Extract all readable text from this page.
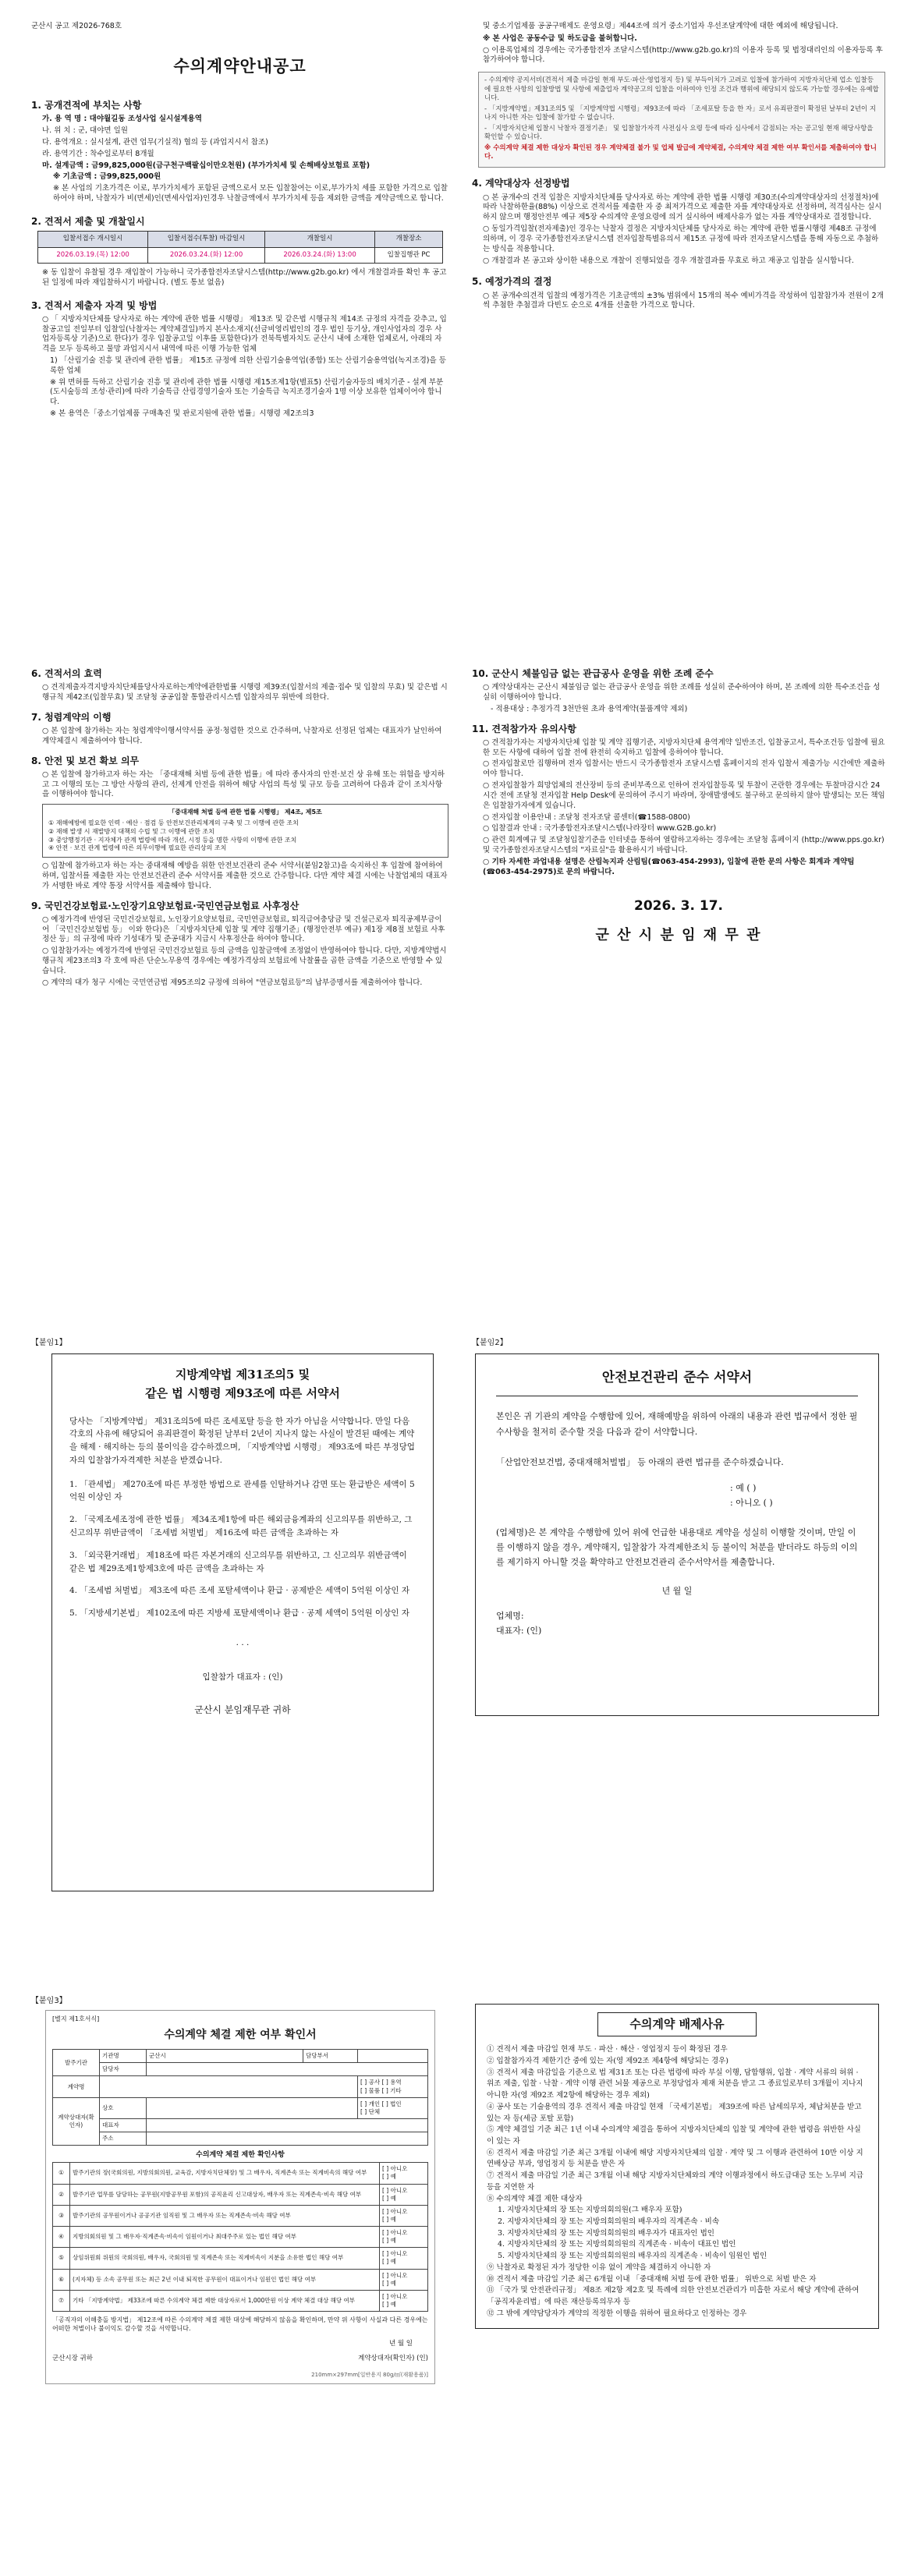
군산시 공고 제2026-768호
수의계약안내공고
1. 공개견적에 부치는 사항
가. 용 역 명 : 대야월길동 조성사업 실시설계용역
나. 위 치 : 군, 대야면 일원
다. 용역개요 : 실시설계, 관련 업무(기실적) 협의 등 (과업지시서 참조)
라. 용역기간 : 착수일로부터 8개월
마. 설계금액 : 금99,825,000원(금구천구백팔십이만오천원) (부가가치세 및 손해배상보험료 포함)
※ 기초금액 : 금99,825,000원
※ 본 사업의 기초가격은 이로, 부가가치세가 포함된 금액으로서 모든 입찰참여는 이로,부가가치 세를 포함한 가격으로 입찰하여야 하며, 낙찰자가 비(면세)인(면세사업자)인경우 낙찰금액에서 부가가치세 등을 제외한 금액을 계약금액으로 합니다.
2. 견적서 제출 및 개찰일시
입찰서접수 개시일시	입찰서접수(투찰) 마감일시	개찰일시	개찰장소
2026.03.19.(목) 12:00	2026.03.24.(화) 12:00	2026.03.24.(화) 13:00	입찰집행관 PC
※ 동 입찰이 유찰될 경우 재입찰이 가능하니 국가종합전자조달시스템(http://www.g2b.go.kr) 에서 개찰결과를 확인 후 공고된 일정에 따라 재입찰하시기 바랍니다. (별도 통보 없음)
3. 견적서 제출자 자격 및 방법
○ 「 지방자치단체를 당사자로 하는 계약에 관한 법률 시행령」 제13조 및 같은법 시행규칙 제14조 규정의 자격을 갖추고, 입찰공고일 전일부터 입찰일(낙찰자는 계약체결일)까지 본사소재지(선금비영리법인의 경우 법인 등기상, 개인사업자의 경우 사업자등록상 기준)으로 한다)가 경우 입찰공고일 이후를 포함한다)가 전북특별자치도 군산시 내에 소재한 업체로서, 아래의 자격을 모두 등록하고 물망 과업지시서 내역에 따른 이행 가능한 업체
1) 「산림기술 진흥 및 관리에 관한 법률」 제15조 규정에 의한 산림기술용역업(종합) 또는 산림기술용역업(녹지조경)을 등록한 업체
※ 위 면허를 득하고 산림기술 진흥 및 관리에 관한 법률 시행령 제15조제1항(별표5) 산림기술자등의 배치기준 - 설계 부분(도시숲등의 조성·관리)에 따라 기술특급 산림경영기술자 또는 기술특급 녹지조경기술자 1명 이상 보유한 업체이어야 합니다.
※ 본 용역은「중소기업제품 구매촉진 및 판로지원에 관한 법률」시행령 제2조의3
및 중소기업제품 공공구매제도 운영요령」제44조에 의거 중소기업자 우선조달계약에 대한 예외에 해당됩니다.
※ 본 사업은 공동수급 및 하도급을 불허합니다.
○ 이용록업체의 경우에는 국가종합전자 조달시스템(http://www.g2b.go.kr)의 이용자 등록 및 법정대리인의 이용자등록 후 참가하여야 합니다.
- 수의계약 공지서비(견적서 제출 마감일 현재 부도·파산·영업정지 등) 및 부득이치가 고려로 입찰에 참가하여 지방자치단체 업소 입찰등에 필요한 사항의 입찰방법 및 사항에 제출업자 계약공고의 입찰을 이하여야 인정 조건과 행위에 해당되지 않도록 가능할 경우에는 유예합니다.
- 「지방계약법」제31조의5 및 「지방계약법 시행령」제93조에 따라 「조세포탈 등을 한 자」로서 유죄판결이 확정된 날부터 2년이 지나지 아니한 자는 입찰에 참가할 수 없습니다.
- 「지방자치단체 입찰시 낙찰자 결정기준」 및 입찰참가자격 사전심사 요령 등에 따라 심사에서 감점되는 자는 공고일 현재 해당사항을 확인할 수 있습니다.
※ 수의계약 체결 제한 대상자 확인된 경우 계약체결 불가 및 업체 발급에 계약체결, 수의계약 체결 제한 여부 확인서를 제출하여야 합니다.
4. 계약대상자 선정방법
○ 본 공개수의 견적 입찰은 지방자치단체를 당사자로 하는 계약에 관한 법률 시행령 제30조(수의계약대상자의 선정절차)에 따라 낙찰하한율(88%) 이상으로 견적서를 제출한 자 중 최저가격으로 제출한 자를 계약대상자로 선정하며, 적격심사는 실시하지 않으며 행정안전부 예규 제5장 수의계약 운영요령에 의거 실시하여 배제사유가 없는 자를 계약상대자로 결정합니다.
○ 동일가격입찰(전자제출)인 경우는 낙찰자 결정은 지방자치단체를 당사자로 하는 계약에 관한 법률시행령 제48조 규정에 의하며, 이 경우 국가종합전자조달시스템 전자입찰특별유의서 제15조 규정에 따라 전자조달시스템을 통해 자동으로 추첨하는 방식을 적용합니다.
○ 개찰결과 본 공고와 상이한 내용으로 개찰이 진행되었을 경우 개찰결과를 무효로 하고 재공고 입찰을 실시합니다.
5. 예정가격의 결정
○ 본 공개수의견적 입찰의 예정가격은 기초금액의 ±3% 범위에서 15개의 복수 예비가격을 작성하여 입찰참가자 전원이 2개씩 추첨한 추첨결과 다빈도 순으로 4개를 선출한 가격으로 합니다.
6. 견적서의 효력
○ 견적제출자격지방자치단체를당사자로하는계약에관한법률 시행령 제39조(입찰서의 제출·접수 및 입찰의 무효) 및 같은법 시행규칙 제42조(입찰무효) 및 조달청 공공입찰 통합관리시스템 입찰자의무 위반에 의한다.
7. 청렴계약의 이행
○ 본 입찰에 참가하는 자는 청렴계약이행서약서를 공정·청렴한 것으로 간주하며, 낙찰자로 선정된 업체는 대표자가 날인하여 계약체결시 제출하여야 합니다.
8. 안전 및 보건 확보 의무
○ 본 입찰에 참가하고자 하는 자는 「중대재해 처벌 등에 관한 법률」에 따라 종사자의 안전·보건 상 유해 또는 위험을 방지하고 그 이행의 또는 그 방안 사항의 관리, 선제계 안전을 위하여 해당 사업의 특성 및 규모 등을 고려하여 다음과 같이 조치사항을 이행하여야 합니다.
「중대재해 처벌 등에 관한 법률 시행령」 제4조, 제5조
① 재해예방에 필요한 인력 · 예산 · 점검 등 안전보건관리체계의 구축 및 그 이행에 관한 조치
② 재해 발생 시 재발방지 대책의 수립 및 그 이행에 관한 조치
③ 중앙행정기관 · 지자체가 관계 법령에 따라 개선, 시정 등을 명한 사항의 이행에 관한 조치
④ 안전 · 보건 관계 법령에 따른 의무이행에 필요한 관리상의 조치
○ 입찰에 참가하고자 하는 자는 중대재해 예방을 위한 안전보건관리 준수 서약서(붙임2참고)을 숙지하신 후 입찰에 참여하여 하며, 입찰서를 제출한 자는 안전보건관리 준수 서약서를 제출한 것으로 간주합니다. 다만 계약 체결 시에는 낙찰업체의 대표자가 서명한 바로 계약 통장 서약서를 제출해야 합니다.
9. 국민건강보험료·노인장기요양보험료·국민연금보험료 사후정산
○ 예정가격에 반영된 국민건강보험료, 노인장기요양보험료, 국민연금보험료, 퇴직급여충당금 및 건설근로자 퇴직공제부금이어 「국민건강보험법 등」 이와 한다)은 「지방자치단체 입찰 및 계약 집행기준」(행정안전부 예규) 제1장 제8절 보험료 사후정산 등」의 규정에 따라 기성대가 및 준공대가 지급시 사후정산을 하여야 합니다.
○ 입찰참가자는 예정가격에 반영된 국민건강보험료 등의 금액을 입찰금액에 조정없이 반영하여야 합니다. 다만, 지방계약법시행규칙 제23조의3 각 호에 따른 단순노무용역 경우에는 예정가격상의 보험료에 낙찰률을 곱한 금액을 기준으로 반영할 수 있습니다.
○ 계약의 대가 청구 시에는 국민연금법 제95조의2 규정에 의하여 "연금보험료등"의 납부증명서를 제출하여야 합니다.
10. 군산시 체불임금 없는 관급공사 운영을 위한 조례 준수
○ 계약상대자는 군산시 체불임금 없는 관급공사 운영을 위한 조례를 성실히 준수하여야 하며, 본 조례에 의한 특수조건을 성실히 이행하여야 합니다.
- 적용대상 : 추정가격 3천만원 초과 용역계약(물품계약 제외)
11. 견적참가자 유의사항
○ 견적참가자는 지방자치단체 입찰 및 계약 집행기준, 지방자치단체 용역계약 일반조건, 입찰공고서, 특수조건등 입찰에 필요한 모든 사항에 대하여 입찰 전에 완전히 숙지하고 입찰에 응하여야 합니다.
○ 전자입찰로만 집행하며 전자 입찰서는 반드시 국가종합전자 조달시스템 홈페이지의 전자 입찰서 제출가능 시간에만 제출하여야 합니다.
○ 전자입찰참가 희망업체의 전산장비 등의 준비부족으로 인하여 전자입찰등록 및 투찰이 곤란한 경우에는 투찰마감시간 24시간 전에 조달청 전자입찰 Help Desk에 문의하여 주시기 바라며, 장애발생에도 불구하고 문의하지 않아 발생되는 모든 책임은 입찰참가자에게 있습니다.
○ 전자입찰 이용안내 : 조달청 전자조달 콜센터(☎1588-0800)
○ 입찰결과 안내 : 국가종합전자조달시스템(나라장터 www.G2B.go.kr)
○ 관련 회계예규 및 조달청입찰기준을 인터넷을 통하여 열람하고자하는 경우에는 조달청 홈페이지 (http://www.pps.go.kr) 및 국가종합전자조달시스템의 "자료실"을 활용하시기 바랍니다.
○ 기타 자세한 과업내용 설명은 산림녹지과 산림팀(☎063-454-2993), 입찰에 관한 문의 사항은 회계과 계약팀(☎063-454-2975)로 문의 바랍니다.
2026. 3. 17.
군 산 시 분 임 재 무 관
【붙임1】
지방계약법 제31조의5 및
같은 법 시행령 제93조에 따른 서약서
당사는 「지방계약법」 제31조의5에 따른 조세포탈 등을 한 자가 아님을 서약합니다. 만일 다음 각호의 사유에 해당되어 유죄판결이 확정된 날부터 2년이 지나지 않는 사실이 발견된 때에는 계약을 해제 · 해지하는 등의 불이익을 감수하겠으며, 「지방계약법 시행령」 제93조에 따른 부정당업자의 입찰참가자격제한 처분을 받겠습니다.
1. 「관세법」 제270조에 따른 부정한 방법으로 관세를 인탈하거나 감면 또는 환급받은 세액이 5억원 이상인 자
2. 「국제조세조정에 관한 법률」 제34조제1항에 따른 해외금융계좌의 신고의무를 위반하고, 그 신고의무 위반금액이 「조세범 처벌법」 제16조에 따른 금액을 초과하는 자
3. 「외국환거래법」 제18조에 따른 자본거래의 신고의무를 위반하고, 그 신고의무 위반금액이 같은 법 제29조제1항제3호에 따른 금액을 초과하는 자
4. 「조세범 처벌법」 제3조에 따른 조세 포탈세액이나 환급 · 공제받은 세액이 5억원 이상인 자
5. 「지방세기본법」 제102조에 따른 지방세 포탈세액이나 환급 · 공제 세액이 5억원 이상인 자
· · ·
입찰참가 대표자 : (인)
군산시 분임재무관 귀하
【붙임2】
안전보건관리 준수 서약서
본인은 귀 기관의 계약을 수행함에 있어, 재해예방을 위하여 아래의 내용과 관련 법규에서 정한 필수사항을 철저히 준수할 것을 다음과 같이 서약합니다.
「산업안전보건법, 중대재해처벌법」 등 아래의 관련 법규를 준수하겠습니다.
: 예 ( )
: 아니오 ( )
(업체명)은 본 계약을 수행함에 있어 위에 언급한 내용대로 계약을 성실히 이행할 것이며, 만일 이를 이행하지 않을 경우, 계약해지, 입찰참가 자격제한조치 등 불이익 처분을 받더라도 하등의 이의를 제기하지 아니할 것을 확약하고 안전보건관리 준수서약서를 제출합니다.
년 월 일
업체명:
대표자: (인)
【붙임3】
[별지 제1호서식]
수의계약 체결 제한 여부 확인서
발주기관	기관명	군산시	담당부서	
	담당자			
계약명				[ ] 공사 [ ] 용역
[ ] 물품 [ ] 기타
계약상대자(확인자)	상호			[ ] 개인 [ ] 법인
[ ] 단체
	대표자			
	주소			
수의계약 체결 제한 확인사항
①	발주기관의 장(국회의원, 지방의회의원, 교육감, 지방자치단체장) 및 그 배우자, 직계존속 또는 직계비속의 해당 여부	[ ] 아니오
[ ] 예
②	발주기관 업무를 담당하는 공무원(지방공무원 포함)의 공직윤리 신고대상자, 배우자 또는 직계존속·비속 해당 여부	[ ] 아니오
[ ] 예
③	발주기관의 공무원이거나 공공기관 임직원 및 그 배우자 또는 직계존속·비속 해당 여부	[ ] 아니오
[ ] 예
④	지방의회의원 및 그 배우자·직계존속·비속이 임원이거나 최대주주로 있는 법인 해당 여부	[ ] 아니오
[ ] 예
⑤	상임위원회 위원의 국회의원, 배우자, 국회의원 및 직계존속 또는 직계비속이 지분을 소유한 법인 해당 여부	[ ] 아니오
[ ] 예
⑥	(지자체) 등 소속 공무원 또는 최근 2년 이내 퇴직한 공무원이 대표이거나 임원인 법인 해당 여부	[ ] 아니오
[ ] 예
⑦	기타 「지방계약법」 제33조에 따른 수의계약 체결 제한 대상자로서 1,000만원 이상 계약 체결 대상 해당 여부	[ ] 아니오
[ ] 예
「공직자의 이해충돌 방지법」 제12조에 따른 수의계약 체결 제한 대상에 해당하지 않음을 확인하며, 만약 위 사항이 사실과 다른 경우에는 어떠한 처벌이나 불이익도 감수할 것을 서약합니다.
년 월 일
군산시장 귀하	계약상대자(확인자) (인)
210mm×297mm[일반용지 80g/㎡(재활용품)]
수의계약 배제사유
① 견적서 제출 마감일 현재 부도 · 파산 · 해산 · 영업정지 등이 확정된 경우
② 입찰참가자격 제한기간 중에 있는 자(영 제92조 제4항에 해당되는 경우)
③ 견적서 제출 마감일을 기준으로 법 제31조 또는 다른 법령에 따라 부실 이행, 담합행위, 입찰 · 계약 서류의 허위 · 위조 제출, 입찰 · 낙찰 · 계약 이행 관련 뇌물 제공으로 부정당업자 제재 처분을 받고 그 종료일로부터 3개월이 지나지 아니한 자(영 제92조 제2항에 해당하는 경우 제외)
④ 공사 또는 기술용역의 경우 견적서 제출 마감일 현재 「국세기본법」 제39조에 따른 납세의무자, 체납처분을 받고 있는 자 등(세금 포탈 포함)
⑤ 계약 체결일 기준 최근 1년 이내 수의계약 체결을 통하여 지방자치단체의 입찰 및 계약에 관한 법령을 위반한 사실이 있는 자
⑥ 견적서 제출 마감일 기준 최근 3개월 이내에 해당 지방자치단체의 입찰 · 계약 및 그 이행과 관련하여 10만 이상 지연배상금 부과, 영업정지 등 처분을 받은 자
⑦ 견적서 제출 마감일 기준 최근 3개월 이내 해당 지방자치단체와의 계약 이행과정에서 하도급대금 또는 노무비 지급 등을 지연한 자
⑧ 수의계약 체결 제한 대상자
1. 지방자치단체의 장 또는 지방의회의원(그 배우자 포함)
2. 지방자치단체의 장 또는 지방의회의원의 배우자의 직계존속 · 비속
3. 지방자치단체의 장 또는 지방의회의원의 배우자가 대표자인 법인
4. 지방자치단체의 장 또는 지방의회의원의 직계존속 · 비속이 대표인 법인
5. 지방자치단체의 장 또는 지방의회의원의 배우자의 직계존속 · 비속이 임원인 법인
⑨ 낙찰자로 확정된 자가 정당한 이유 없이 계약을 체결하지 아니한 자
⑩ 견적서 제출 마감일 기준 최근 6개월 이내 「중대재해 처벌 등에 관한 법률」 위반으로 처벌 받은 자
⑪ 「국가 및 안전관리규정」 제8조 제2항 제2호 및 특례에 의한 안전보건관리가 미흡한 자로서 해당 계약에 관하여 「공직자윤리법」에 따른 재산등록의무자 등
⑫ 그 밖에 계약담당자가 계약의 적정한 이행을 위하여 필요하다고 인정하는 경우
